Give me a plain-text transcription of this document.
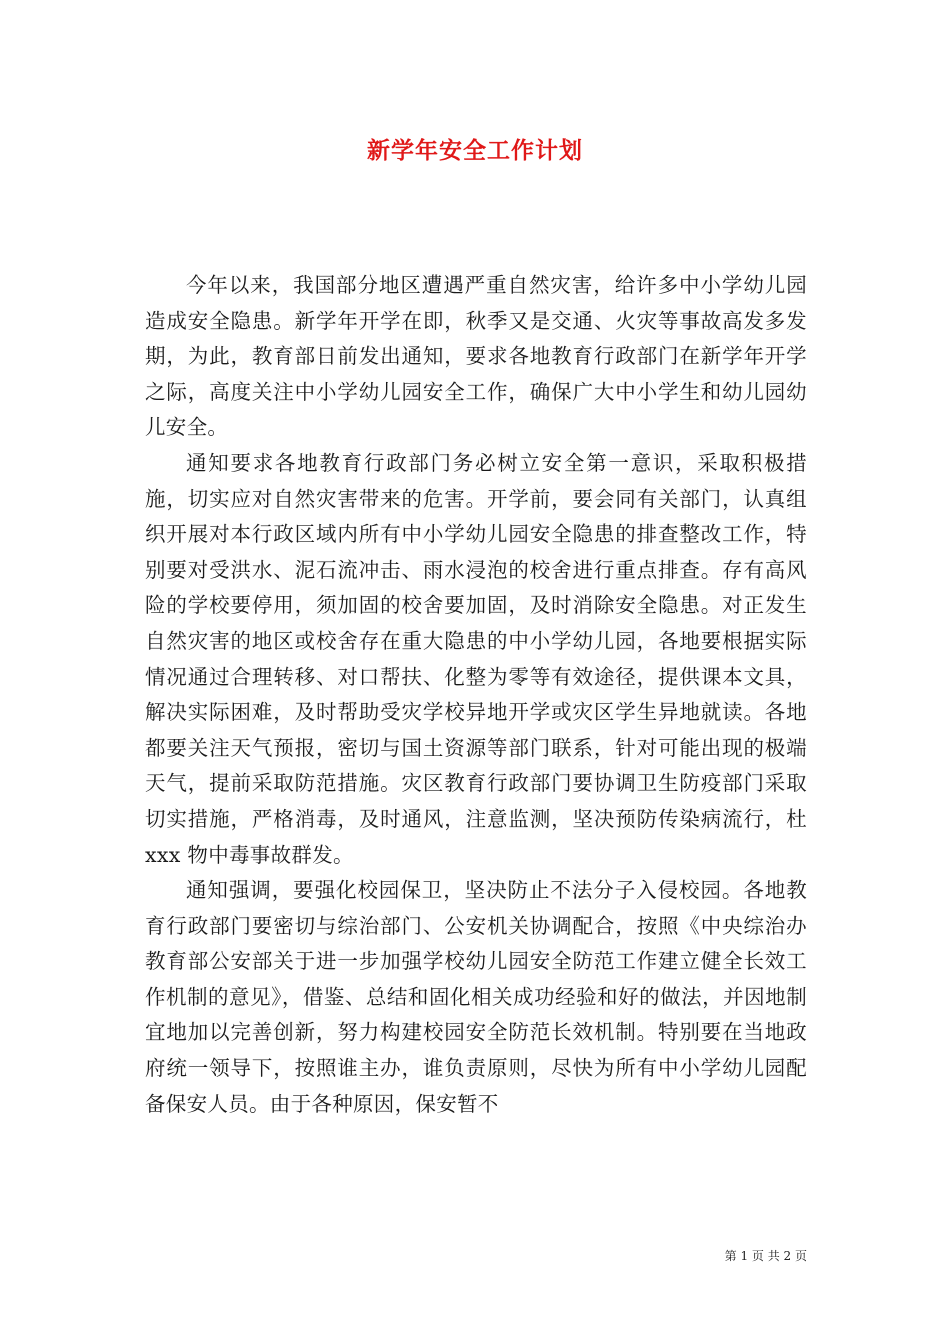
新学年安全工作计划

今年以来，我国部分地区遭遇严重自然灾害，给许多中小学幼儿园造成安全隐患。新学年开学在即，秋季又是交通、火灾等事故高发多发期，为此，教育部日前发出通知，要求各地教育行政部门在新学年开学之际，高度关注中小学幼儿园安全工作，确保广大中小学生和幼儿园幼儿安全。

通知要求各地教育行政部门务必树立安全第一意识，采取积极措施，切实应对自然灾害带来的危害。开学前，要会同有关部门，认真组织开展对本行政区域内所有中小学幼儿园安全隐患的排查整改工作，特别要对受洪水、泥石流冲击、雨水浸泡的校舍进行重点排查。存有高风险的学校要停用，须加固的校舍要加固，及时消除安全隐患。对正发生自然灾害的地区或校舍存在重大隐患的中小学幼儿园，各地要根据实际情况通过合理转移、对口帮扶、化整为零等有效途径，提供课本文具，解决实际困难，及时帮助受灾学校异地开学或灾区学生异地就读。各地都要关注天气预报，密切与国土资源等部门联系，针对可能出现的极端天气，提前采取防范措施。灾区教育行政部门要协调卫生防疫部门采取切实措施，严格消毒，及时通风，注意监测，坚决预防传染病流行，杜 xxx 物中毒事故群发。

通知强调，要强化校园保卫，坚决防止不法分子入侵校园。各地教育行政部门要密切与综治部门、公安机关协调配合，按照《中央综治办教育部公安部关于进一步加强学校幼儿园安全防范工作建立健全长效工作机制的意见》，借鉴、总结和固化相关成功经验和好的做法，并因地制宜地加以完善创新，努力构建校园安全防范长效机制。特别要在当地政府统一领导下，按照谁主办，谁负责原则，尽快为所有中小学幼儿园配备保安人员。由于各种原因，保安暂不

第 1 页 共 2 页
